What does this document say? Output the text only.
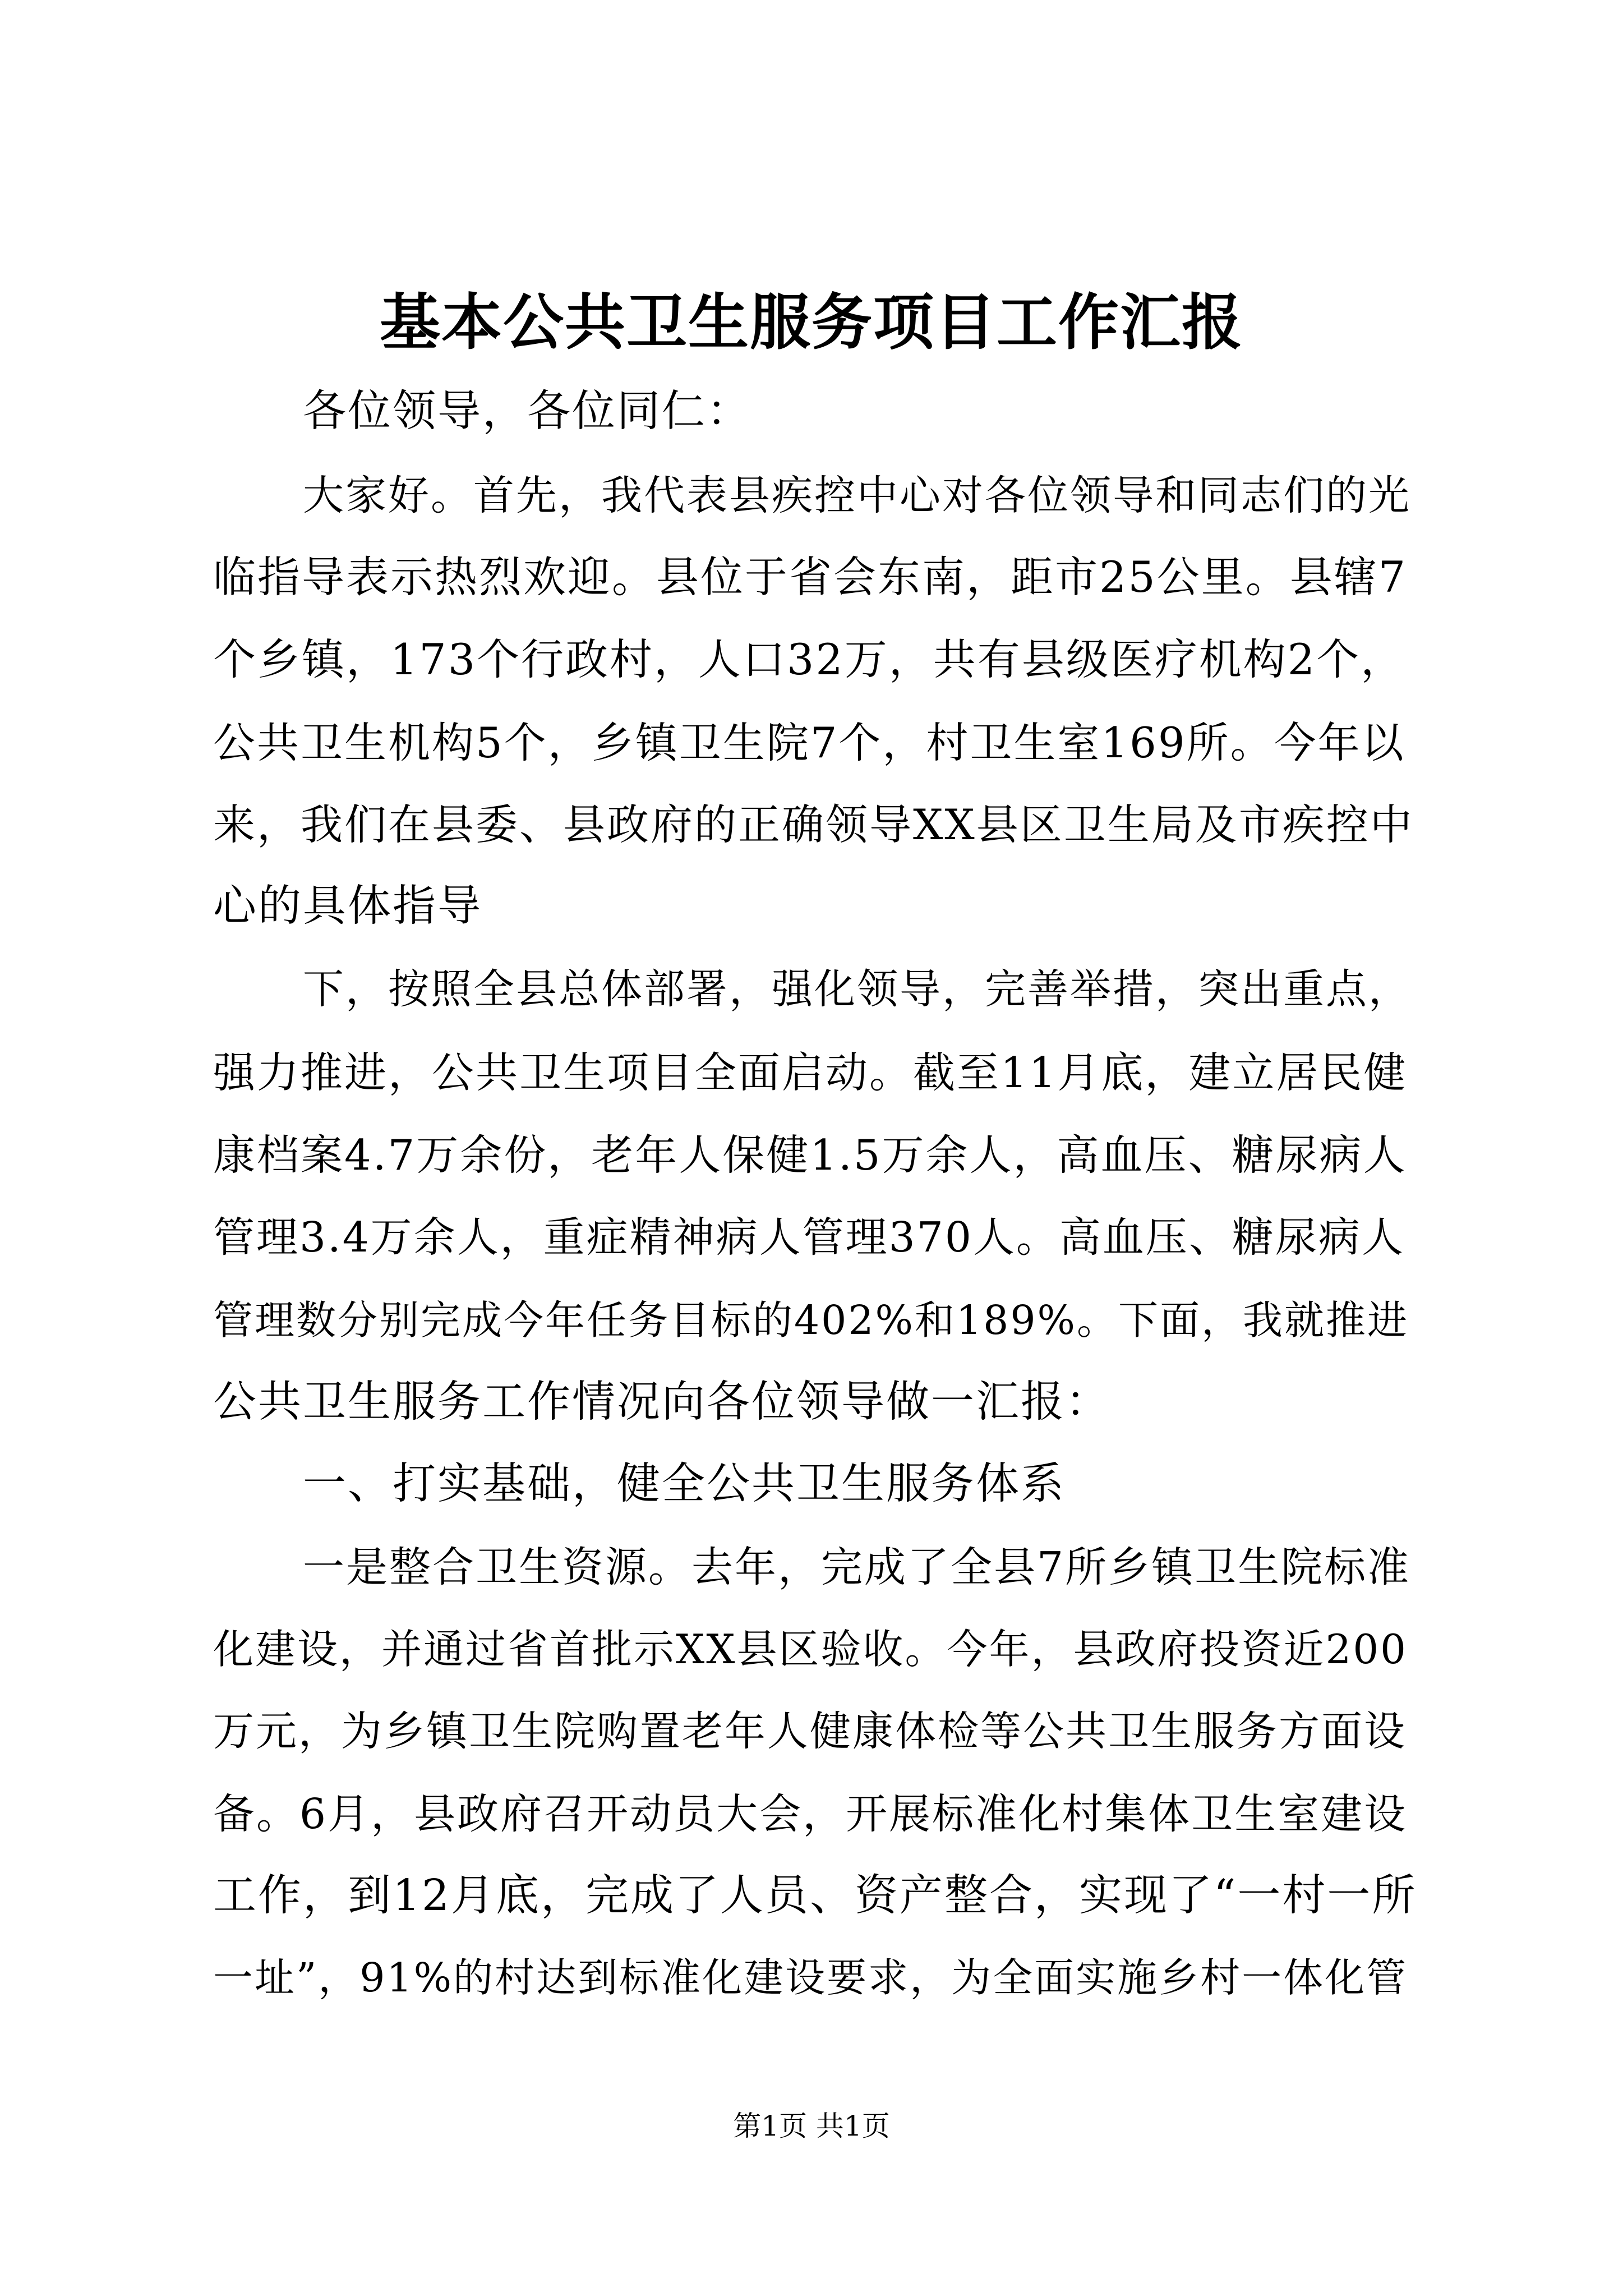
基本公共卫生服务项目工作汇报
各位领导，各位同仁：
大家好。首先，我代表县疾控中心对各位领导和同志们的光
临指导表示热烈欢迎。县位于省会东南，距市25公里。县辖7
个乡镇，173个行政村，人口32万，共有县级医疗机构2个，
公共卫生机构5个，乡镇卫生院7个，村卫生室169所。今年以
来，我们在县委、县政府的正确领导XX县区卫生局及市疾控中
心的具体指导
下，按照全县总体部署，强化领导，完善举措，突出重点，
强力推进，公共卫生项目全面启动。截至11月底，建立居民健
康档案4.7万余份，老年人保健1.5万余人，高血压、糖尿病人
管理3.4万余人，重症精神病人管理370人。高血压、糖尿病人
管理数分别完成今年任务目标的402%和189%。下面，我就推进
公共卫生服务工作情况向各位领导做一汇报：
一、打实基础，健全公共卫生服务体系
一是整合卫生资源。去年，完成了全县7所乡镇卫生院标准
化建设，并通过省首批示XX县区验收。今年，县政府投资近200
万元，为乡镇卫生院购置老年人健康体检等公共卫生服务方面设
备。6月，县政府召开动员大会，开展标准化村集体卫生室建设
工作，到12月底，完成了人员、资产整合，实现了“一村一所
一址”，91%的村达到标准化建设要求，为全面实施乡村一体化管
第1页 共1页
